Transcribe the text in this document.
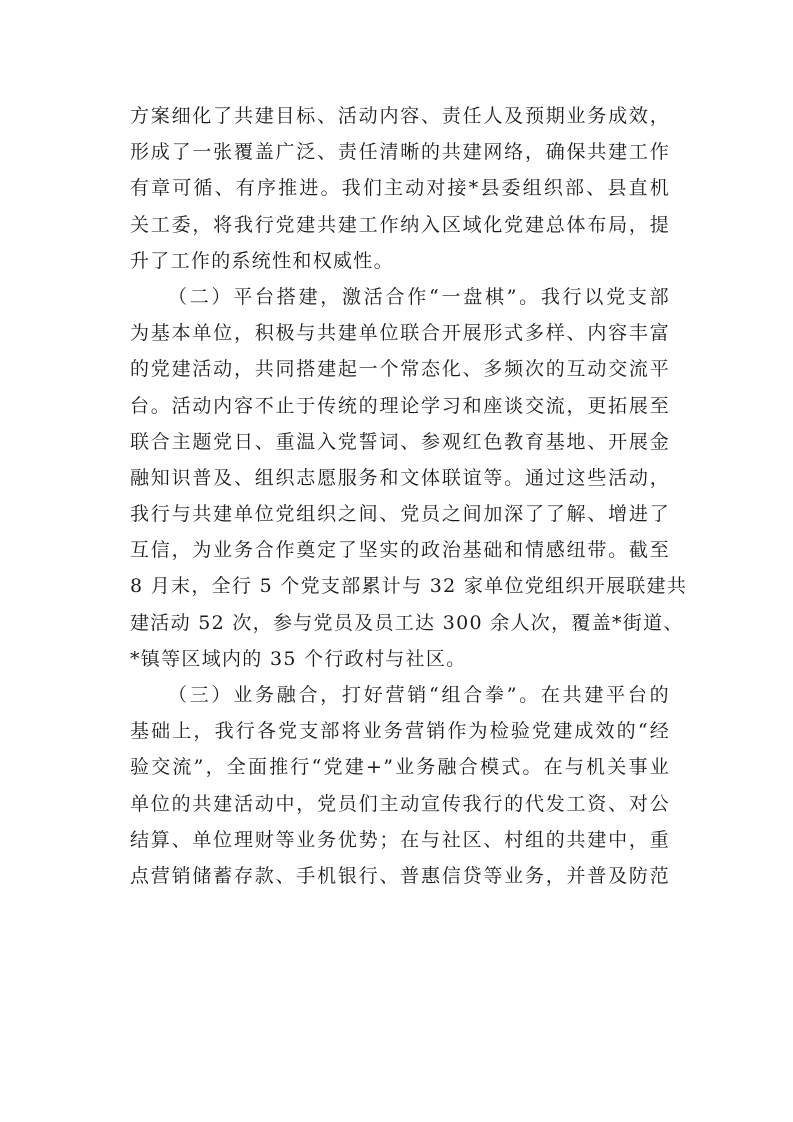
方案细化了共建目标、活动内容、责任人及预期业务成效，
形成了一张覆盖广泛、责任清晰的共建网络，确保共建工作
有章可循、有序推进。我们主动对接*县委组织部、县直机
关工委，将我行党建共建工作纳入区域化党建总体布局，提
升了工作的系统性和权威性。
（二）平台搭建，激活合作“一盘棋”。我行以党支部
为基本单位，积极与共建单位联合开展形式多样、内容丰富
的党建活动，共同搭建起一个常态化、多频次的互动交流平
台。活动内容不止于传统的理论学习和座谈交流，更拓展至
联合主题党日、重温入党誓词、参观红色教育基地、开展金
融知识普及、组织志愿服务和文体联谊等。通过这些活动，
我行与共建单位党组织之间、党员之间加深了了解、增进了
互信，为业务合作奠定了坚实的政治基础和情感纽带。截至
8 月末，全行 5 个党支部累计与 32 家单位党组织开展联建共
建活动 52 次，参与党员及员工达 300 余人次，覆盖*街道、
*镇等区域内的 35 个行政村与社区。
（三）业务融合，打好营销“组合拳”。在共建平台的
基础上，我行各党支部将业务营销作为检验党建成效的“经
验交流”，全面推行“党建+”业务融合模式。在与机关事业
单位的共建活动中，党员们主动宣传我行的代发工资、对公
结算、单位理财等业务优势；在与社区、村组的共建中，重
点营销储蓄存款、手机银行、普惠信贷等业务，并普及防范
